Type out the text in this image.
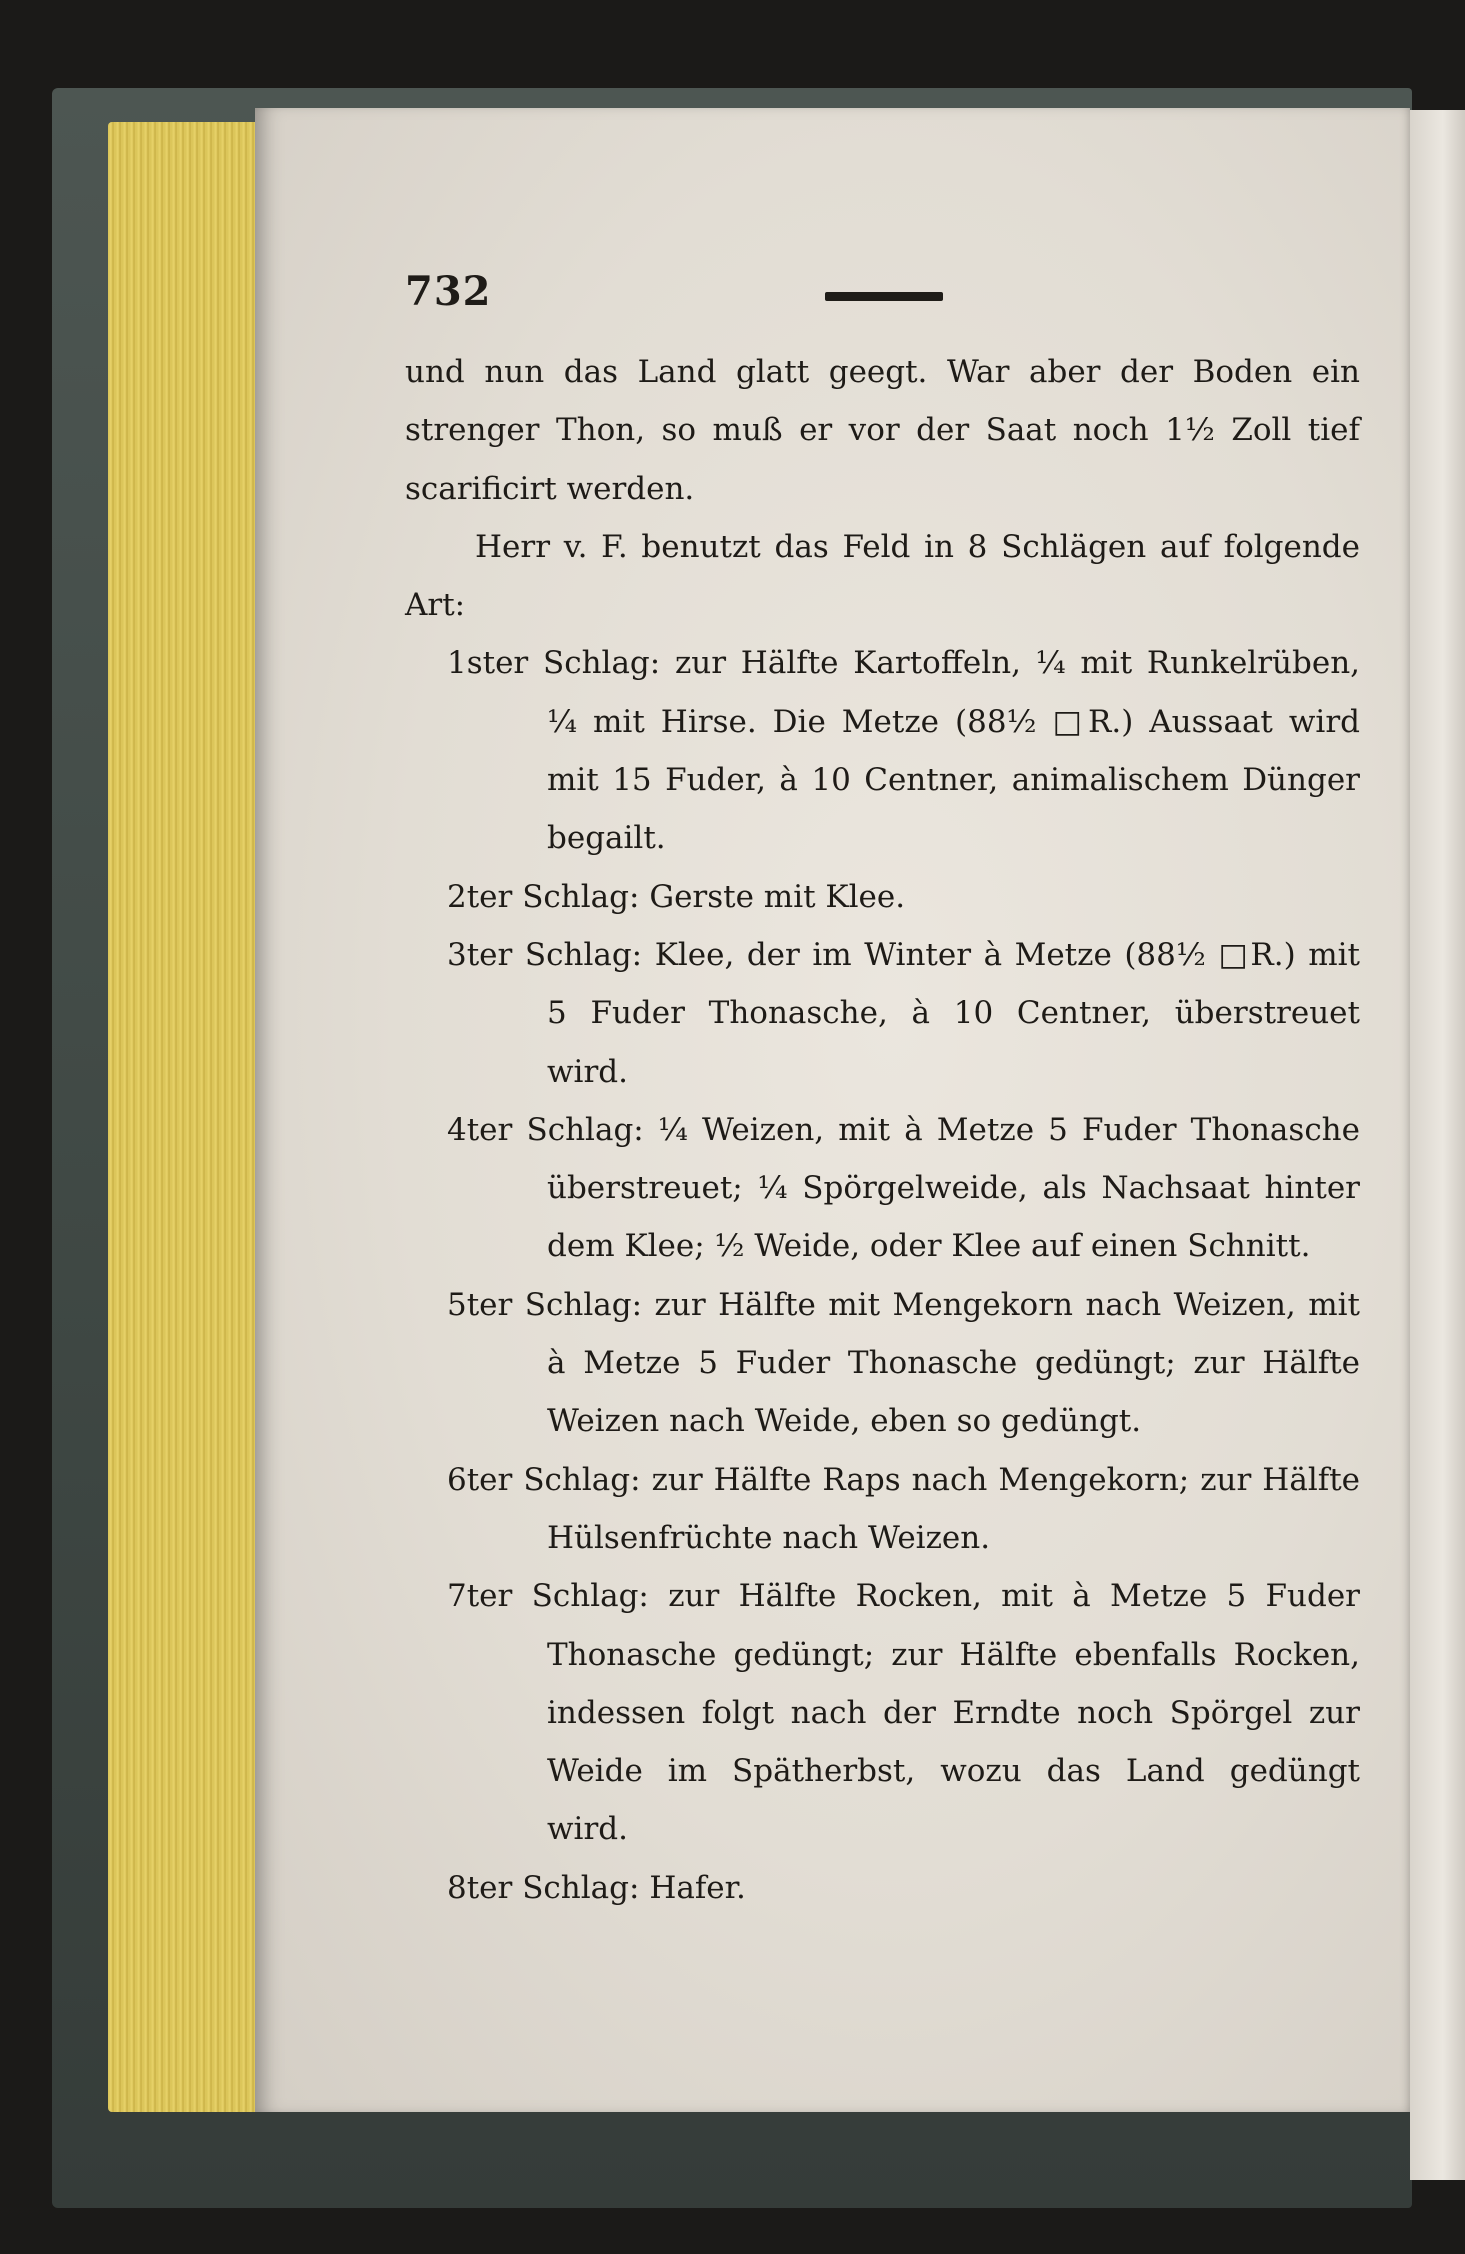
732

und nun das Land glatt geegt. War aber der Boden ein strenger Thon, so muß er vor der Saat noch 1½ Zoll tief scarificirt werden.

Herr v. F. benutzt das Feld in 8 Schlägen auf folgende Art:

1ster Schlag: zur Hälfte Kartoffeln, ¼ mit Runkelrüben, ¼ mit Hirse. Die Metze (88½ □R.) Aussaat wird mit 15 Fuder, à 10 Centner, animalischem Dünger begailt.

2ter Schlag: Gerste mit Klee.

3ter Schlag: Klee, der im Winter à Metze (88½ □R.) mit 5 Fuder Thonasche, à 10 Centner, überstreuet wird.

4ter Schlag: ¼ Weizen, mit à Metze 5 Fuder Thonasche überstreuet; ¼ Spörgelweide, als Nachsaat hinter dem Klee; ½ Weide, oder Klee auf einen Schnitt.

5ter Schlag: zur Hälfte mit Mengekorn nach Weizen, mit à Metze 5 Fuder Thonasche gedüngt; zur Hälfte Weizen nach Weide, eben so gedüngt.

6ter Schlag: zur Hälfte Raps nach Mengekorn; zur Hälfte Hülsenfrüchte nach Weizen.

7ter Schlag: zur Hälfte Rocken, mit à Metze 5 Fuder Thonasche gedüngt; zur Hälfte ebenfalls Rocken, indessen folgt nach der Erndte noch Spörgel zur Weide im Spätherbst, wozu das Land gedüngt wird.

8ter Schlag: Hafer.
